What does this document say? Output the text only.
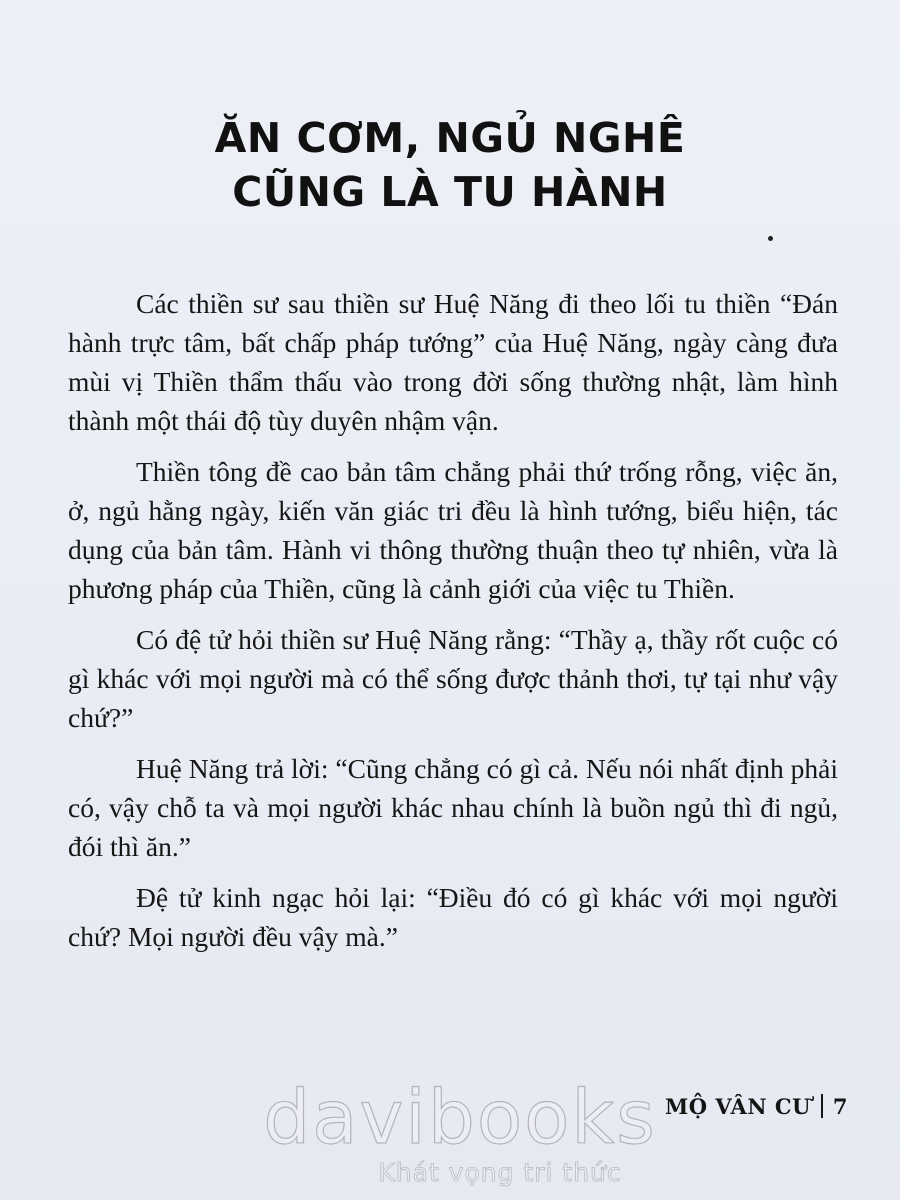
ĂN CƠM, NGỦ NGHÊ
CŨNG LÀ TU HÀNH

Các thiền sư sau thiền sư Huệ Năng đi theo lối tu thiền “Đán hành trực tâm, bất chấp pháp tướng” của Huệ Năng, ngày càng đưa mùi vị Thiền thẩm thấu vào trong đời sống thường nhật, làm hình thành một thái độ tùy duyên nhậm vận.

Thiền tông đề cao bản tâm chẳng phải thứ trống rỗng, việc ăn, ở, ngủ hằng ngày, kiến văn giác tri đều là hình tướng, biểu hiện, tác dụng của bản tâm. Hành vi thông thường thuận theo tự nhiên, vừa là phương pháp của Thiền, cũng là cảnh giới của việc tu Thiền.

Có đệ tử hỏi thiền sư Huệ Năng rằng: “Thầy ạ, thầy rốt cuộc có gì khác với mọi người mà có thể sống được thảnh thơi, tự tại như vậy chứ?”

Huệ Năng trả lời: “Cũng chẳng có gì cả. Nếu nói nhất định phải có, vậy chỗ ta và mọi người khác nhau chính là buồn ngủ thì đi ngủ, đói thì ăn.”

Đệ tử kinh ngạc hỏi lại: “Điều đó có gì khác với mọi người chứ? Mọi người đều vậy mà.”

MỘ VÂN CƯ 7
davibooks
Khát vọng tri thức
